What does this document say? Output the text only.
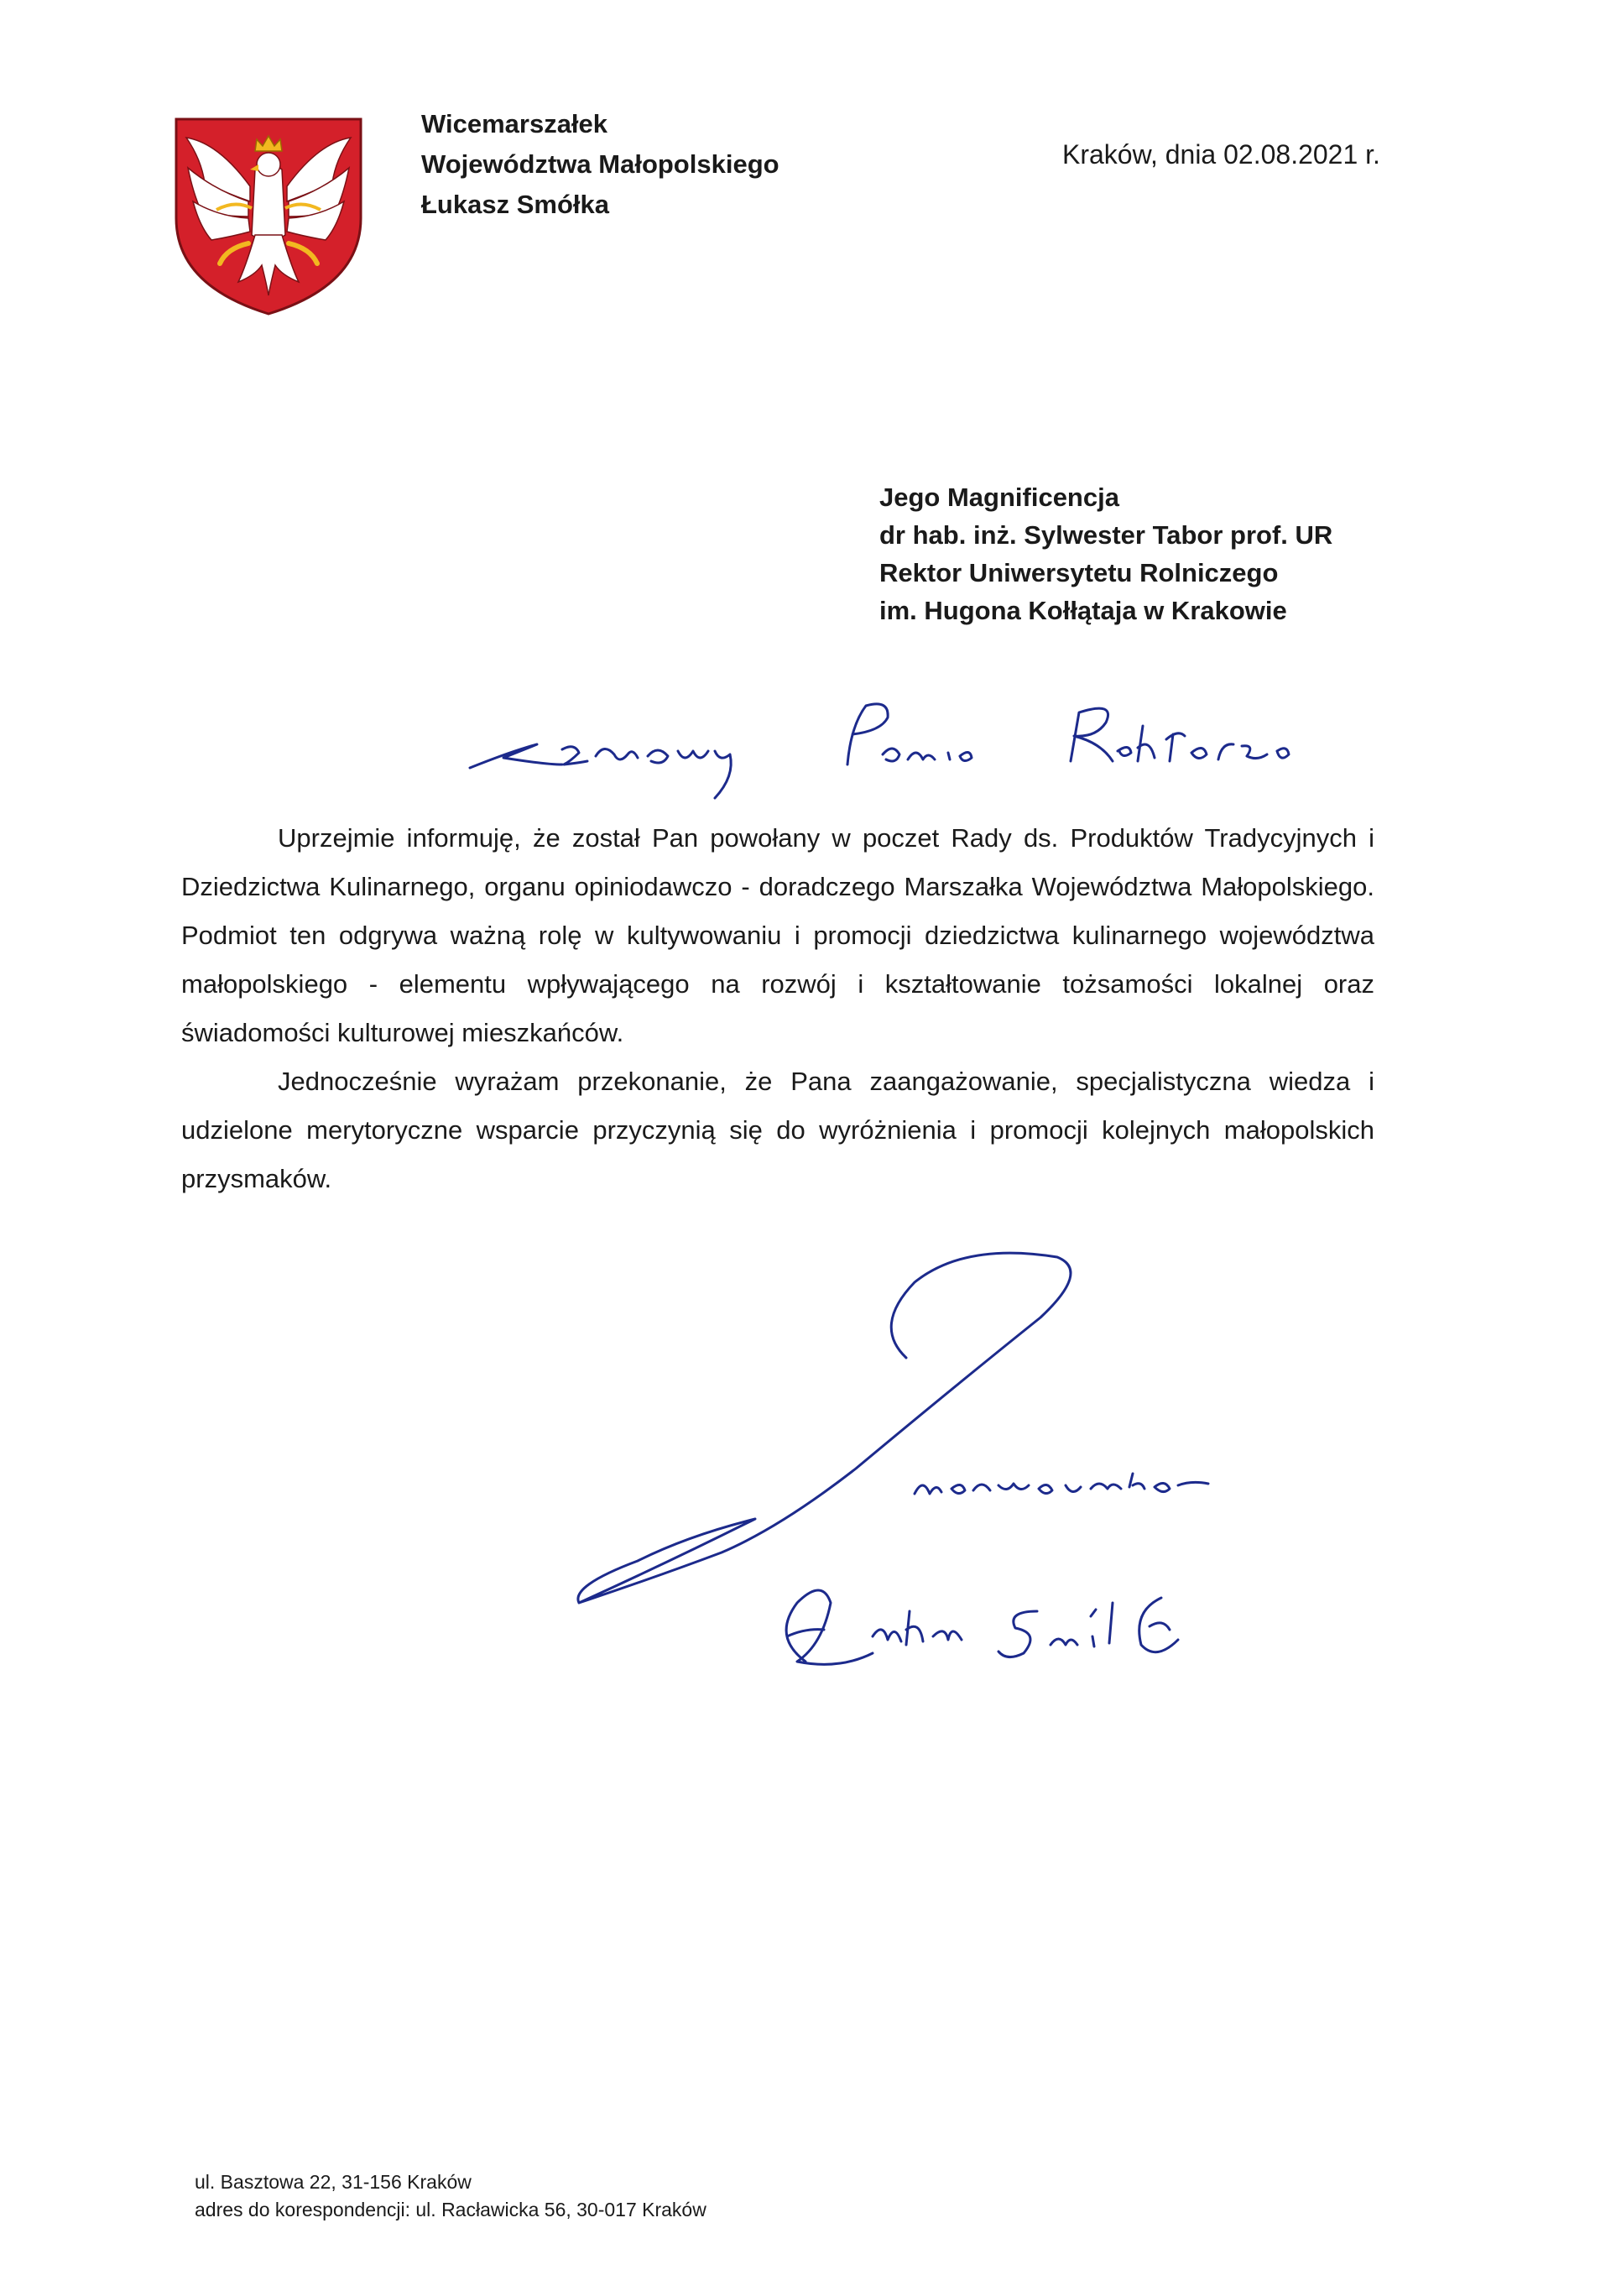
Wicemarszałek
Województwa Małopolskiego
Łukasz Smółka
Kraków, dnia 02.08.2021 r.
Jego Magnificencja
dr hab. inż. Sylwester Tabor prof. UR
Rektor Uniwersytetu Rolniczego
im. Hugona Kołłątaja w Krakowie

Uprzejmie informuję, że został Pan powołany w poczet Rady ds. Produktów Tradycyjnych i Dziedzictwa Kulinarnego, organu opiniodawczo - doradczego Marszałka Województwa Małopolskiego. Podmiot ten odgrywa ważną rolę w kultywowaniu i promocji dziedzictwa kulinarnego województwa małopolskiego - elementu wpływającego na rozwój i kształtowanie tożsamości lokalnej oraz świadomości kulturowej mieszkańców.

Jednocześnie wyrażam przekonanie, że Pana zaangażowanie, specjalistyczna wiedza i udzielone merytoryczne wsparcie przyczynią się do wyróżnienia i promocji kolejnych małopolskich przysmaków.

ul. Basztowa 22, 31-156 Kraków
adres do korespondencji: ul. Racławicka 56, 30-017 Kraków
